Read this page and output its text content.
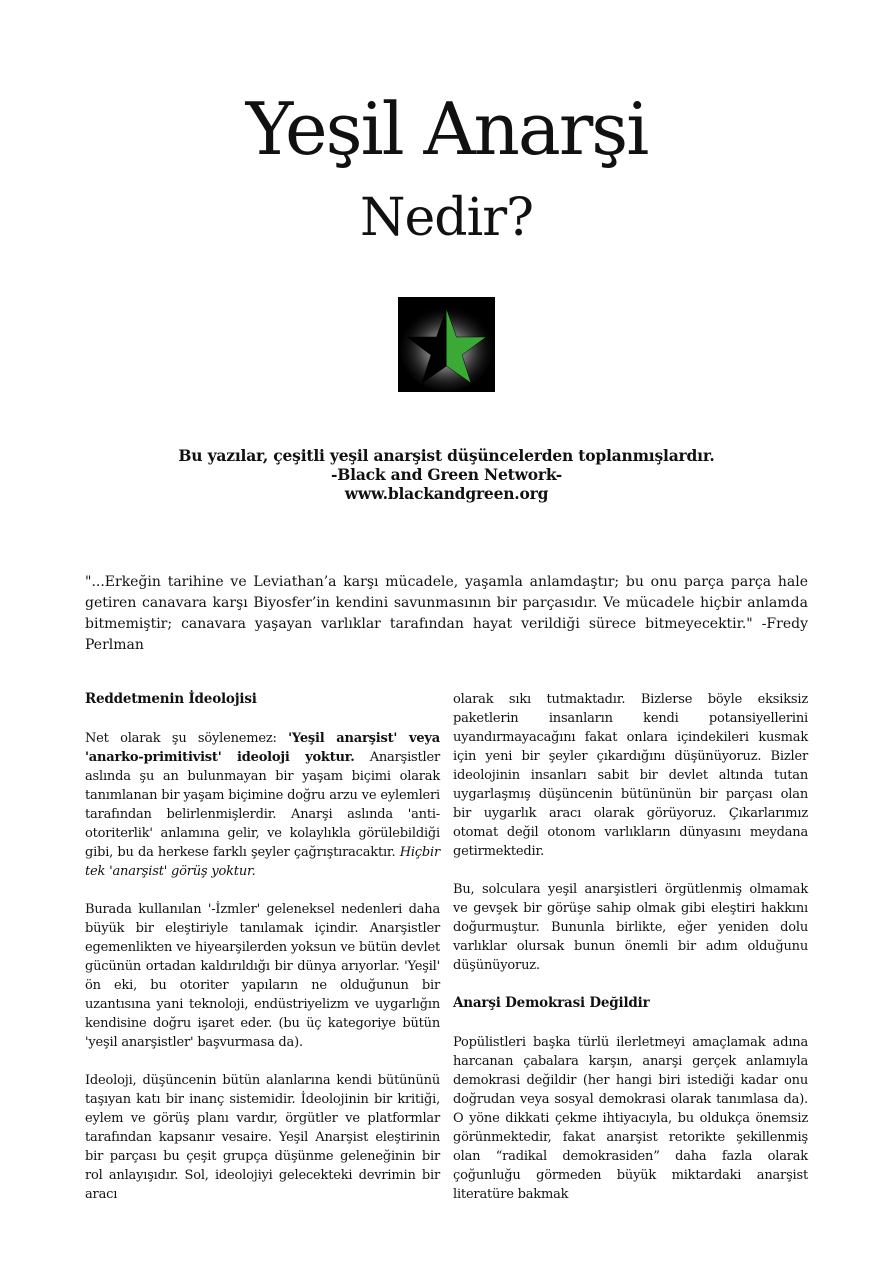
Yeşil Anarşi
Nedir?
Bu yazılar, çeşitli yeşil anarşist düşüncelerden toplanmışlardır.
-Black and Green Network-
www.blackandgreen.org
"...Erkeğin tarihine ve Leviathan’a karşı mücadele, yaşamla anlamdaştır; bu onu parça parça hale getiren canavara karşı Biyosfer’in kendini savunmasının bir parçasıdır. Ve mücadele hiçbir anlamda bitmemiştir; canavara yaşayan varlıklar tarafından hayat verildiği sürece bitmeyecektir." -Fredy Perlman
Reddetmenin İdeolojisi

Net olarak şu söylenemez: 'Yeşil anarşist' veya 'anarko-primitivist' ideoloji yoktur. Anarşistler aslında şu an bulunmayan bir yaşam biçimi olarak tanımlanan bir yaşam biçimine doğru arzu ve eylemleri tarafından belirlenmişlerdir. Anarşi aslında 'anti-otoriterlik' anlamına gelir, ve kolaylıkla görülebildiği gibi, bu da herkese farklı şeyler çağrıştıracaktır. Hiçbir tek 'anarşist' görüş yoktur.

Burada kullanılan '-İzmler' geleneksel nedenleri daha büyük bir eleştiriyle tanılamak içindir. Anarşistler egemenlikten ve hiyearşilerden yoksun ve bütün devlet gücünün ortadan kaldırıldığı bir dünya arıyorlar. 'Yeşil' ön eki, bu otoriter yapıların ne olduğunun bir uzantısına yani teknoloji, endüstriyelizm ve uygarlığın kendisine doğru işaret eder. (bu üç kategoriye bütün 'yeşil anarşistler' başvurmasa da).

Ideoloji, düşüncenin bütün alanlarına kendi bütününü taşıyan katı bir inanç sistemidir. İdeolojinin bir kritiği, eylem ve görüş planı vardır, örgütler ve platformlar tarafından kapsanır vesaire. Yeşil Anarşist eleştirinin bir parçası bu çeşit grupça düşünme geleneğinin bir rol anlayışıdır. Sol, ideolojiyi gelecekteki devrimin bir aracı

olarak sıkı tutmaktadır. Bizlerse böyle eksiksiz paketlerin insanların kendi potansiyellerini uyandırmayacağını fakat onlara içindekileri kusmak için yeni bir şeyler çıkardığını düşünüyoruz. Bizler ideolojinin insanları sabit bir devlet altında tutan uygarlaşmış düşüncenin bütününün bir parçası olan bir uygarlık aracı olarak görüyoruz. Çıkarlarımız otomat değil otonom varlıkların dünyasını meydana getirmektedir.

Bu, solculara yeşil anarşistleri örgütlenmiş olmamak ve gevşek bir görüşe sahip olmak gibi eleştiri hakkını doğurmuştur. Bununla birlikte, eğer yeniden dolu varlıklar olursak bunun önemli bir adım olduğunu düşünüyoruz.

Anarşi Demokrasi Değildir

Popülistleri başka türlü ilerletmeyi amaçlamak adına harcanan çabalara karşın, anarşi gerçek anlamıyla demokrasi değildir (her hangi biri istediği kadar onu doğrudan veya sosyal demokrasi olarak tanımlasa da). O yöne dikkati çekme ihtiyacıyla, bu oldukça önemsiz görünmektedir, fakat anarşist retorikte şekillenmiş olan “radikal demokrasiden” daha fazla olarak çoğunluğu görmeden büyük miktardaki anarşist literatüre bakmak
